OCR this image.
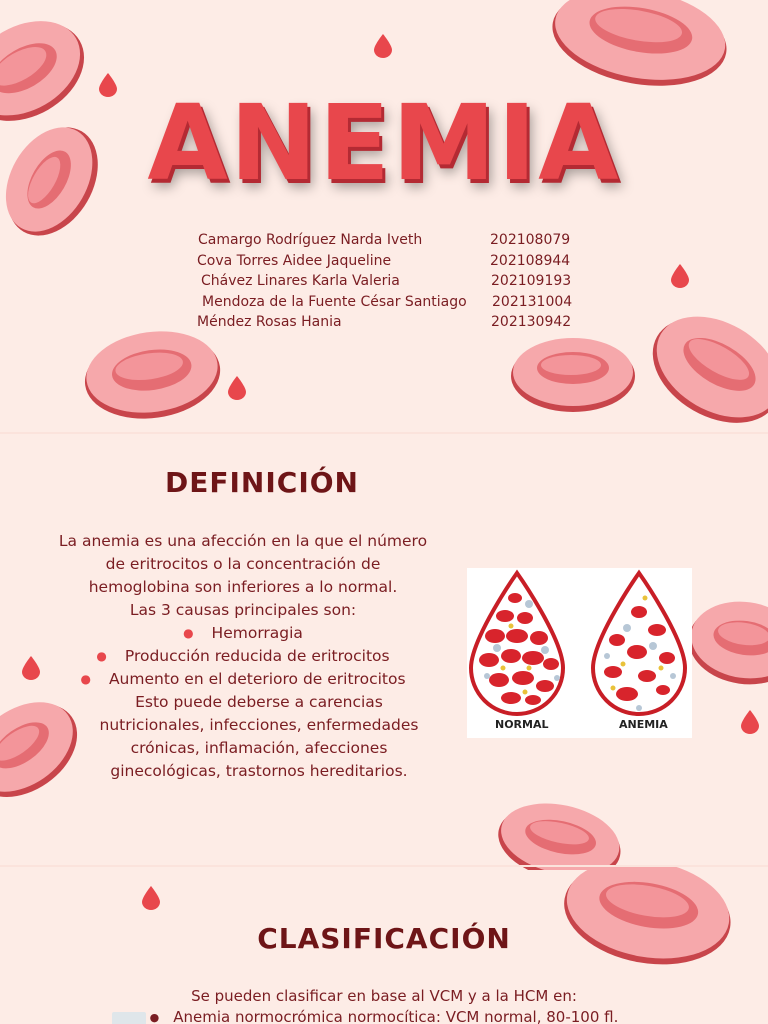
ANEMIA
Camargo Rodríguez Narda Iveth	202108079
Cova Torres Aidee Jaqueline	202108944
Chávez Linares Karla Valeria	202109193
Mendoza de la Fuente César Santiago	202131004
Méndez Rosas Hania	202130942
DEFINICIÓN
La anemia es una afección en la que el número de eritrocitos o la concentración de hemoglobina son inferiores a lo normal.
Las 3 causas principales son:
● Hemorragia
● Producción reducida de eritrocitos
● Aumento en el deterioro de eritrocitos
Esto puede deberse a carencias nutricionales, infecciones, enfermedades crónicas, inflamación, afecciones ginecológicas, trastornos hereditarios.
NORMAL	ANEMIA
CLASIFICACIÓN
Se pueden clasificar en base al VCM y a la HCM en:
● Anemia normocrómica normocítica: VCM normal, 80-100 fl.
